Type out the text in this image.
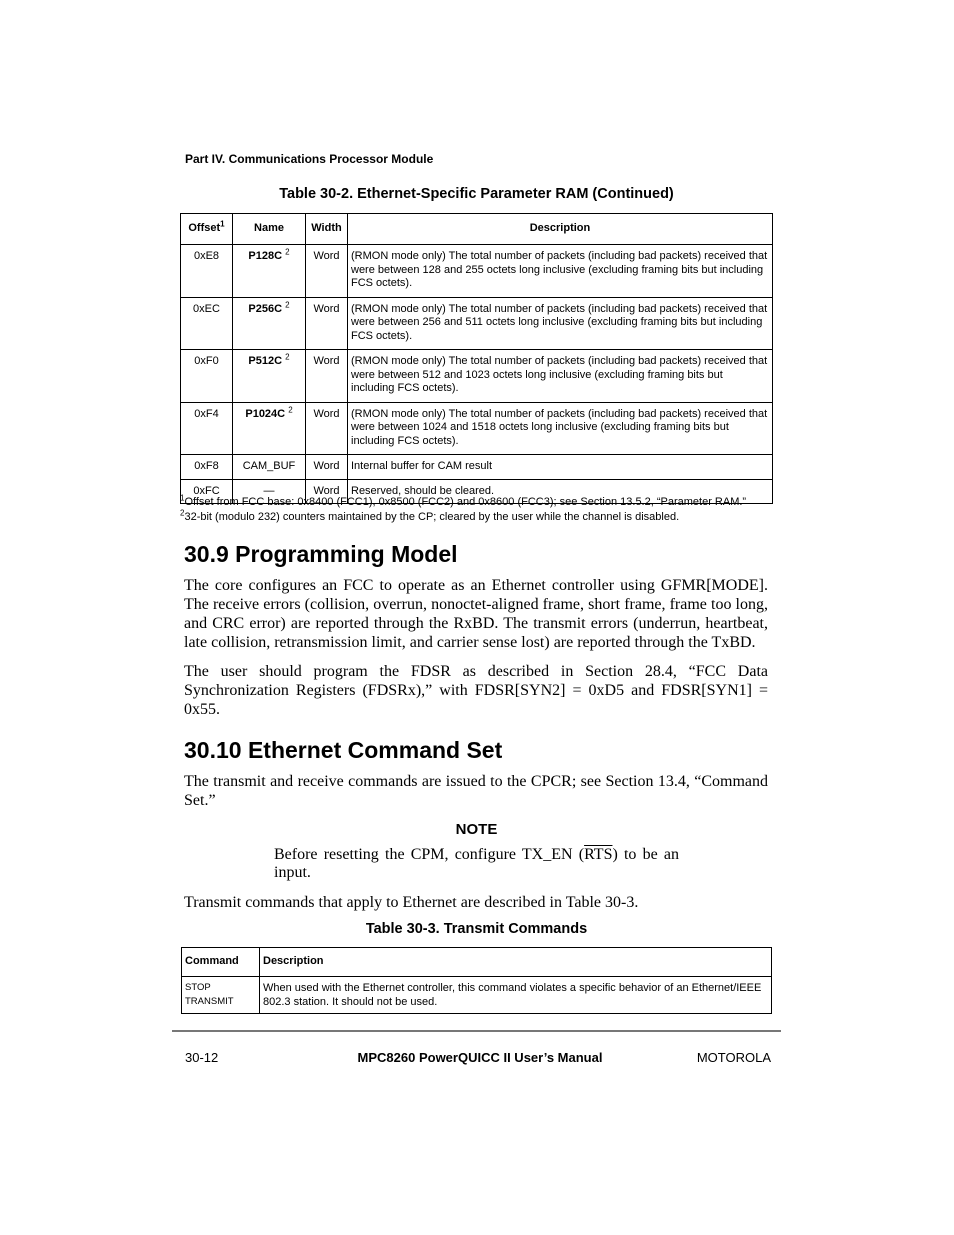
Part IV. Communications Processor Module
Table 30-2. Ethernet-Specific Parameter RAM (Continued)
Offset$^1$	Name	Width	Description
0xE8	P128C $^2$	Word	(RMON mode only) The total number of packets (including bad packets) received that were between 128 and 255 octets long inclusive (excluding framing bits but including FCS octets).
0xEC	P256C $^2$	Word	(RMON mode only) The total number of packets (including bad packets) received that were between 256 and 511 octets long inclusive (excluding framing bits but including FCS octets).
0xF0	P512C $^2$	Word	(RMON mode only) The total number of packets (including bad packets) received that were between 512 and 1023 octets long inclusive (excluding framing bits but including FCS octets).
0xF4	P1024C $^2$	Word	(RMON mode only) The total number of packets (including bad packets) received that were between 1024 and 1518 octets long inclusive (excluding framing bits but including FCS octets).
0xF8	CAM_BUF	Word	Internal buffer for CAM result
0xFC	—	Word	Reserved, should be cleared.
$^1$Offset from FCC base: 0x8400 (FCC1), 0x8500 (FCC2) and 0x8600 (FCC3); see Section 13.5.2, “Parameter RAM.”
$^2$32-bit (modulo 232) counters maintained by the CP; cleared by the user while the channel is disabled.
30.9 Programming Model

The core configures an FCC to operate as an Ethernet controller using GFMR[MODE]. The receive errors (collision, overrun, nonoctet-aligned frame, short frame, frame too long, and CRC error) are reported through the RxBD. The transmit errors (underrun, heartbeat, late collision, retransmission limit, and carrier sense lost) are reported through the TxBD.

The user should program the FDSR as described in Section 28.4, “FCC Data Synchronization Registers (FDSRx),” with FDSR[SYN2] = 0xD5 and FDSR[SYN1] = 0x55.

30.10 Ethernet Command Set

The transmit and receive commands are issued to the CPCR; see Section 13.4, “Command Set.”

NOTE

Before resetting the CPM, configure TX_EN $(\overline{RTS})$ to be an input.

Transmit commands that apply to Ethernet are described in Table 30-3.

Table 30-3. Transmit Commands
Command	Description

STOP
TRANSMIT	When used with the Ethernet controller, this command violates a specific behavior of an Ethernet/IEEE 802.3 station. It should not be used.
30-12	MPC8260 PowerQUICC II User’s Manual	MOTOROLA
